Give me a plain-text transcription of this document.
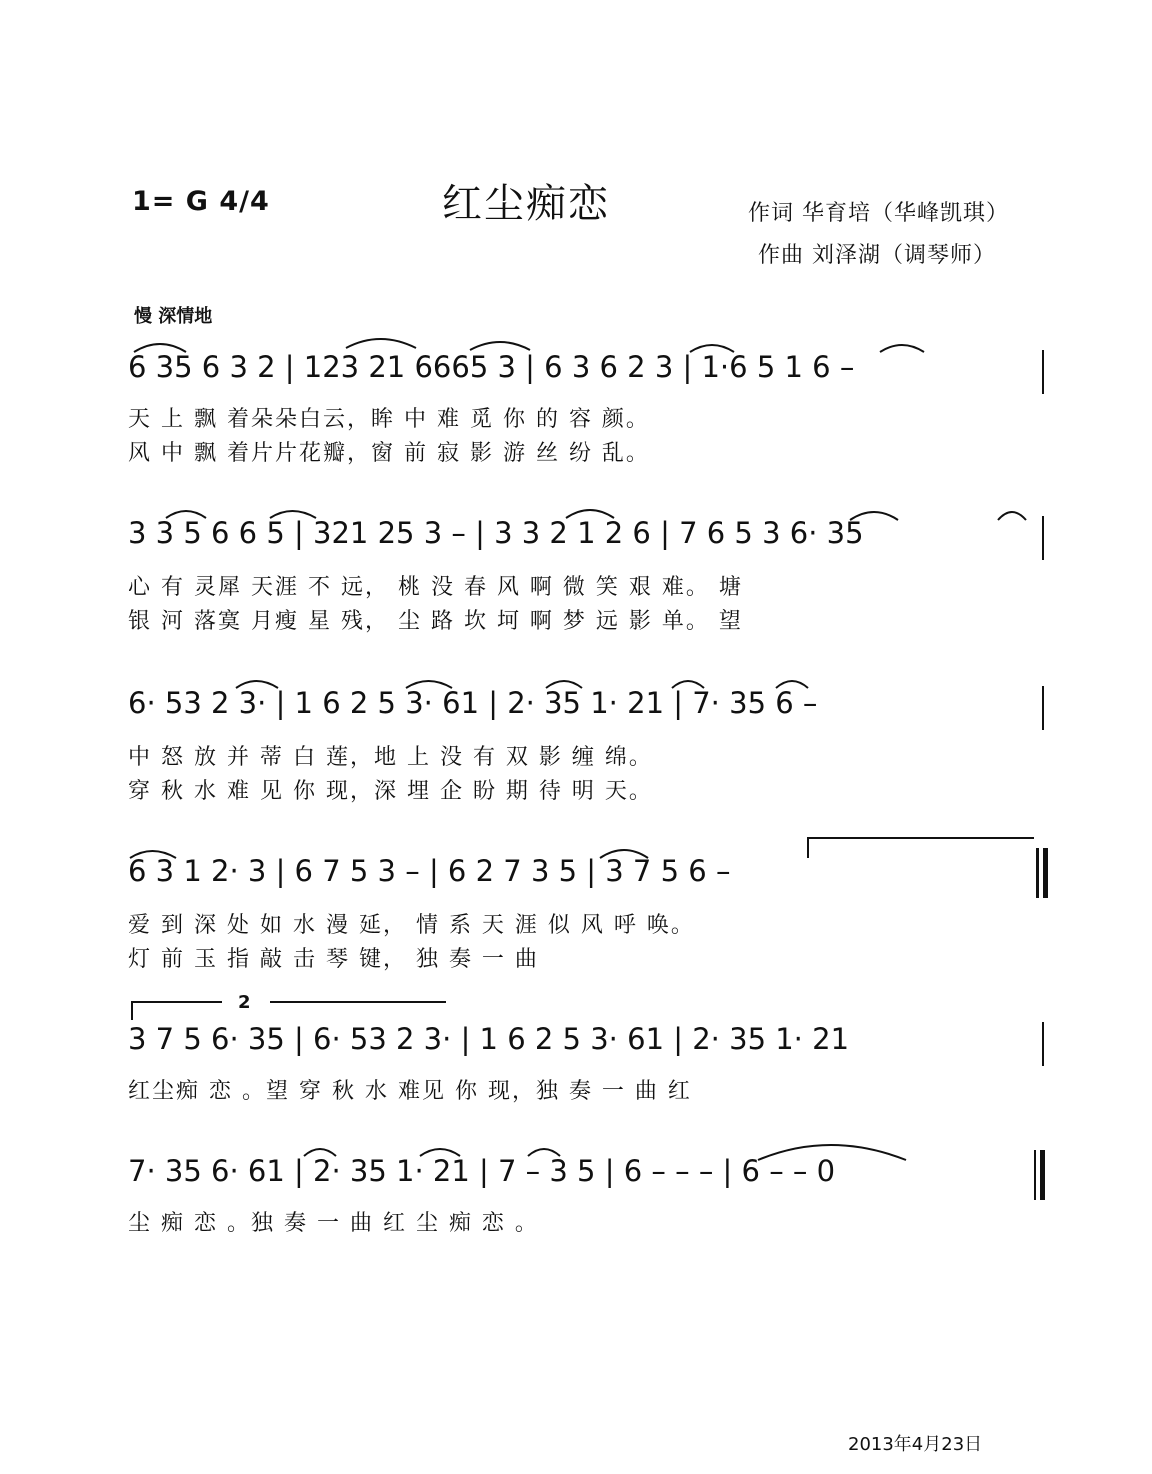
1= G 4/4	红尘痴恋	作词 华育培（华峰凯琪）
作曲 刘泽湖（调琴师）
慢 深情地
6 35 6 3 2 | 123 21 6665 3 | 6 3 6 2 3 | 1·6 5 1 6 –
天 上 飘 着朵朵白云，眸 中 难 觅 你 的 容 颜。
风 中 飘 着片片花瓣，窗 前 寂 影 游 丝 纷 乱。
3 3 5 6 6 5 | 321 25 3 – | 3 3 2 1 2 6 | 7 6 5 3 6· 35
心 有 灵犀 天涯 不 远， 桃 没 春 风 啊 微 笑 艰 难。 塘
银 河 落寞 月瘦 星 残， 尘 路 坎 坷 啊 梦 远 影 单。 望
6· 53 2 3· | 1 6 2 5 3· 61 | 2· 35 1· 21 | 7· 35 6 –
中 怒 放 并 蒂 白 莲，地 上 没 有 双 影 缠 绵。
穿 秋 水 难 见 你 现，深 埋 企 盼 期 待 明 天。
6 3 1 2· 3 | 6 7 5 3 – | 6 2 7 3 5 | 3 7 5 6 –
爱 到 深 处 如 水 漫 延， 情 系 天 涯 似 风 呼 唤。
灯 前 玉 指 敲 击 琴 键， 独 奏 一 曲
2
3 7 5 6· 35 | 6· 53 2 3· | 1 6 2 5 3· 61 | 2· 35 1· 21
红尘痴 恋 。望 穿 秋 水 难见 你 现，独 奏 一 曲 红
7· 35 6· 61 | 2· 35 1· 21 | 7 – 3 5 | 6 – – – | 6 – – 0
尘 痴 恋 。独 奏 一 曲 红 尘 痴 恋 。
2013年4月23日
